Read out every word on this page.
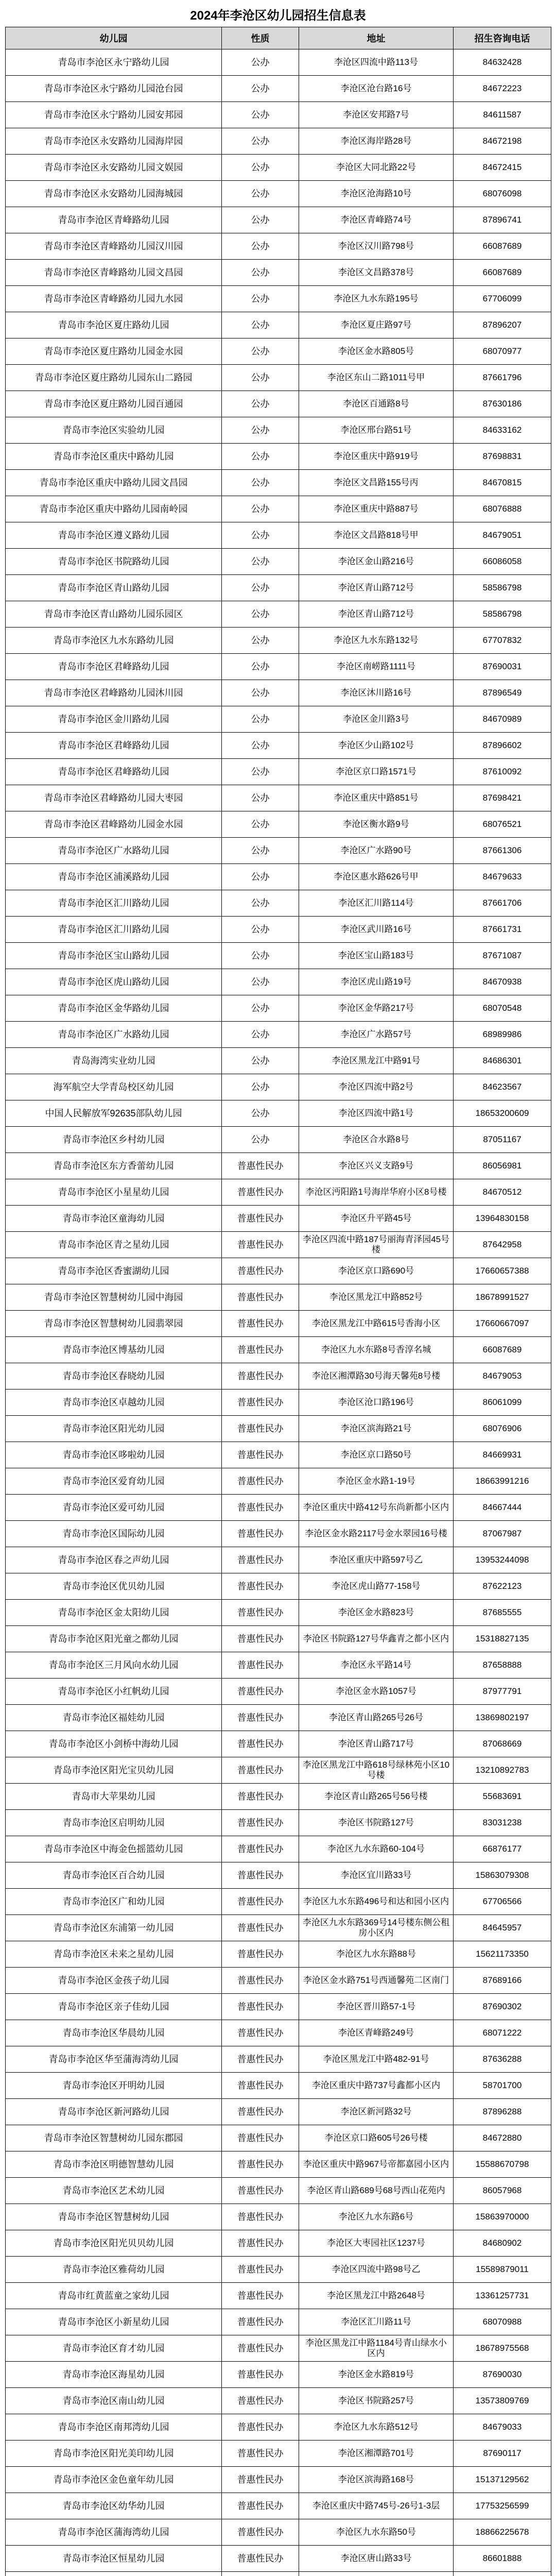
2024年李沧区幼儿园招生信息表
幼儿园	性质	地址	招生咨询电话
青岛市李沧区永宁路幼儿园	公办	李沧区四流中路113号	84632428
青岛市李沧区永宁路幼儿园沧台园	公办	李沧区沧台路16号	84672223
青岛市李沧区永宁路幼儿园安邦园	公办	李沧区安邦路7号	84611587
青岛市李沧区永安路幼儿园海岸园	公办	李沧区海岸路28号	84672198
青岛市李沧区永安路幼儿园文娱园	公办	李沧区大同北路22号	84672415
青岛市李沧区永安路幼儿园海城园	公办	李沧区沧海路10号	68076098
青岛市李沧区青峰路幼儿园	公办	李沧区青峰路74号	87896741
青岛市李沧区青峰路幼儿园汉川园	公办	李沧区汉川路798号	66087689
青岛市李沧区青峰路幼儿园文昌园	公办	李沧区文昌路378号	66087689
青岛市李沧区青峰路幼儿园九水园	公办	李沧区九水东路195号	67706099
青岛市李沧区夏庄路幼儿园	公办	李沧区夏庄路97号	87896207
青岛市李沧区夏庄路幼儿园金水园	公办	李沧区金水路805号	68070977
青岛市李沧区夏庄路幼儿园东山二路园	公办	李沧区东山二路1011号甲	87661796
青岛市李沧区夏庄路幼儿园百通园	公办	李沧区百通路8号	87630186
青岛市李沧区实验幼儿园	公办	李沧区邢台路51号	84633162
青岛市李沧区重庆中路幼儿园	公办	李沧区重庆中路919号	87698831
青岛市李沧区重庆中路幼儿园文昌园	公办	李沧区文昌路155号丙	84670815
青岛市李沧区重庆中路幼儿园南岭园	公办	李沧区重庆中路887号	68076888
青岛市李沧区遵义路幼儿园	公办	李沧区文昌路818号甲	84679051
青岛市李沧区书院路幼儿园	公办	李沧区金山路216号	66086058
青岛市李沧区青山路幼儿园	公办	李沧区青山路712号	58586798
青岛市李沧区青山路幼儿园乐园区	公办	李沧区青山路712号	58586798
青岛市李沧区九水东路幼儿园	公办	李沧区九水东路132号	67707832
青岛市李沧区君峰路幼儿园	公办	李沧区南崂路1111号	87690031
青岛市李沧区君峰路幼儿园沐川园	公办	李沧区沐川路16号	87896549
青岛市李沧区金川路幼儿园	公办	李沧区金川路3号	84670989
青岛市李沧区君峰路幼儿园	公办	李沧区少山路102号	87896602
青岛市李沧区君峰路幼儿园	公办	李沧区京口路1571号	87610092
青岛市李沧区君峰路幼儿园大枣园	公办	李沧区重庆中路851号	87698421
青岛市李沧区君峰路幼儿园金水园	公办	李沧区衡水路9号	68076521
青岛市李沧区广水路幼儿园	公办	李沧区广水路90号	87661306
青岛市李沧区浦溪路幼儿园	公办	李沧区惠水路626号甲	84679633
青岛市李沧区汇川路幼儿园	公办	李沧区汇川路114号	87661706
青岛市李沧区汇川路幼儿园	公办	李沧区武川路16号	87661731
青岛市李沧区宝山路幼儿园	公办	李沧区宝山路183号	87671087
青岛市李沧区虎山路幼儿园	公办	李沧区虎山路19号	84670938
青岛市李沧区金华路幼儿园	公办	李沧区金华路217号	68070548
青岛市李沧区广水路幼儿园	公办	李沧区广水路57号	68989986
青岛海湾实业幼儿园	公办	李沧区黑龙江中路91号	84686301
海军航空大学青岛校区幼儿园	公办	李沧区四流中路2号	84623567
中国人民解放军92635部队幼儿园	公办	李沧区四流中路1号	18653200609
青岛市李沧区乡村幼儿园	公办	李沧区合水路8号	87051167
青岛市李沧区东方香蕾幼儿园	普惠性民办	李沧区兴义支路9号	86056981
青岛市李沧区小星星幼儿园	普惠性民办	李沧区沔阳路1号海岸华府小区8号楼	84670512
青岛市李沧区童海幼儿园	普惠性民办	李沧区升平路45号	13964830158
青岛市李沧区青之星幼儿园	普惠性民办	李沧区四流中路187号丽海青泽园45号楼	87642958
青岛市李沧区香蜜湖幼儿园	普惠性民办	李沧区京口路690号	17660657388
青岛市李沧区智慧树幼儿园中海园	普惠性民办	李沧区黑龙江中路852号	18678991527
青岛市李沧区智慧树幼儿园翡翠园	普惠性民办	李沧区黑龙江中路615号香海小区	17660667097
青岛市李沧区博基幼儿园	普惠性民办	李沧区九水东路8号香淳名城	66087689
青岛市李沧区春晓幼儿园	普惠性民办	李沧区湘潭路30号海天馨苑8号楼	84679053
青岛市李沧区卓越幼儿园	普惠性民办	李沧区沧口路196号	86061099
青岛市李沧区阳光幼儿园	普惠性民办	李沧区滨海路21号	68076906
青岛市李沧区哆啦幼儿园	普惠性民办	李沧区京口路50号	84669931
青岛市李沧区爱育幼儿园	普惠性民办	李沧区金水路1-19号	18663991216
青岛市李沧区爱可幼儿园	普惠性民办	李沧区重庆中路412号东尚新都小区内	84667444
青岛市李沧区国际幼儿园	普惠性民办	李沧区金水路2117号金水翠园16号楼	87067987
青岛市李沧区春之声幼儿园	普惠性民办	李沧区重庆中路597号乙	13953244098
青岛市李沧区优贝幼儿园	普惠性民办	李沧区虎山路77-158号	87622123
青岛市李沧区金太阳幼儿园	普惠性民办	李沧区金水路823号	87685555
青岛市李沧区阳光童之都幼儿园	普惠性民办	李沧区书院路127号华鑫青之都小区内	15318827135
青岛市李沧区三月风向水幼儿园	普惠性民办	李沧区永平路14号	87658888
青岛市李沧区小红帆幼儿园	普惠性民办	李沧区金水路1057号	87977791
青岛市李沧区福娃幼儿园	普惠性民办	李沧区青山路265号26号	13869802197
青岛市李沧区小剑桥中海幼儿园	普惠性民办	李沧区青山路717号	87068669
青岛市李沧区阳光宝贝幼儿园	普惠性民办	李沧区黑龙江中路618号绿林苑小区10号楼	13210892783
青岛市大苹果幼儿园	普惠性民办	李沧区青山路265号56号楼	55683691
青岛市李沧区启明幼儿园	普惠性民办	李沧区书院路127号	83031238
青岛市李沧区中海金色摇篮幼儿园	普惠性民办	李沧区九水东路60-104号	66876177
青岛市李沧区百合幼儿园	普惠性民办	李沧区宜川路33号	15863079308
青岛市李沧区广和幼儿园	普惠性民办	李沧区九水东路496号和达和园小区内	67706566
青岛市李沧区东浦第一幼儿园	普惠性民办	李沧区九水东路369号14号楼东侧公租房小区内	84645957
青岛市李沧区未来之星幼儿园	普惠性民办	李沧区九水东路88号	15621173350
青岛市李沧区金孩子幼儿园	普惠性民办	李沧区金水路751号西通馨苑二区南门	87689166
青岛市李沧区亲子佳幼儿园	普惠性民办	李沧区晋川路57-1号	87690302
青岛市李沧区华晨幼儿园	普惠性民办	李沧区青峰路249号	68071222
青岛市李沧区华至蒲海湾幼儿园	普惠性民办	李沧区黑龙江中路482-91号	87636288
青岛市李沧区开明幼儿园	普惠性民办	李沧区重庆中路737号鑫都小区内	58701700
青岛市李沧区新河路幼儿园	普惠性民办	李沧区新河路32号	87896288
青岛市李沧区智慧树幼儿园东郡园	普惠性民办	李沧区京口路605号26号楼	84672880
青岛市李沧区明德智慧幼儿园	普惠性民办	李沧区重庆中路967号帝都嘉园小区内	15588670798
青岛市李沧区艺术幼儿园	普惠性民办	李沧区青山路689号68号西山花苑内	86057968
青岛市李沧区智慧树幼儿园	普惠性民办	李沧区九水东路6号	15863970000
青岛市李沧区阳光贝贝幼儿园	普惠性民办	李沧区大枣园社区1237号	84680902
青岛市李沧区雅荷幼儿园	普惠性民办	李沧区四流中路98号乙	15589879011
青岛市红黄蓝童之家幼儿园	普惠性民办	李沧区黑龙江中路2648号	13361257731
青岛市李沧区小新星幼儿园	普惠性民办	李沧区汇川路11号	68070988
青岛市李沧区育才幼儿园	普惠性民办	李沧区黑龙江中路1184号青山绿水小区内	18678975568
青岛市李沧区海星幼儿园	普惠性民办	李沧区金水路819号	87690030
青岛市李沧区南山幼儿园	普惠性民办	李沧区书院路257号	13573809769
青岛市李沧区南邦湾幼儿园	普惠性民办	李沧区九水东路512号	84679033
青岛市李沧区阳光美印幼儿园	普惠性民办	李沧区湘潭路701号	87690117
青岛市李沧区金色童年幼儿园	普惠性民办	李沧区滨海路168号	15137129562
青岛市李沧区幼华幼儿园	普惠性民办	李沧区重庆中路745号-26号1-3层	17753256599
青岛市李沧区蒲海湾幼儿园	普惠性民办	李沧区九水东路50号	18866225678
青岛市李沧区恒星幼儿园	普惠性民办	李沧区唐山路33号	86601888
